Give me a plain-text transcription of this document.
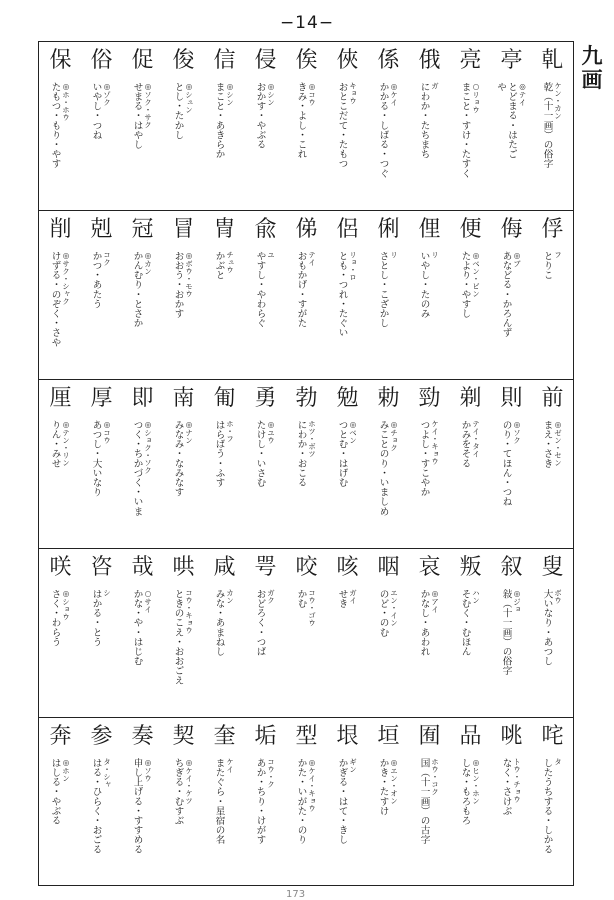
−14−
九
画
乹
乾（十一画）の俗字ケン・カン
亭
やとどまる・はたご◎テイ
亮
まこと・すけ・たすく○リョウ
俄
にわか・たちまちガ
係
かかる・しばる・つぐ◎ケイ
俠
おとこだて・たもつキョウ
俟
きみ・よし・これ◎コウ
侵
おかす・やぶる◎シン
信
まこと・あきらか◎シン
俊
とし・たかし◎シュン
促
せまる・はやし◎ソク・サク
俗
いやし・つね◎ゾク
保
たもつ・もり・やす◎ホ・ホウ
俘
とりこフ
侮
あなどる・かろんず◎ブ
便
たより・やすし◎ベン・ビン
俚
いやし・たのみリ
俐
さとし・こざかしリ
侶
とも・つれ・たぐいリョ・ロ
俤
おもかげ・すがたテイ
兪
やすし・やわらぐユ
冑
かぶとチュウ
冒
おおう・おかす◎ボウ・モウ
冠
かんむり・とさか◎カン
剋
かつ・あたうコク
削
けずる・のぞく・さや◎サク・シャク
前
まえ・さき◎ゼン・セン
則
のり・てほん・つね◎ソク
剃
かみをそるテイ・タイ
勁
つよし・すこやかケイ・キョウ
勅
みことのり・いましめ◎チョク
勉
つとむ・はげむ◎ベン
勃
にわか・おこるホツ・ボツ
勇
たけし・いさむ◎ユウ
匍
はらばう・ふすホ・フ
南
みなみ・なみなす◎ナン
即
つく・ちかづく・いま◎ショク・ソク
厚
あつし・大いなり◎コウ
厘
りん・みせ◎テン・リン
叟
大いなり・あつしボウ
叙
敍（十一画）の俗字◎ジョ
叛
そむく・むほんハン
哀
かなし・あわれ◎アイ
咽
のど・のむエン・イン
咳
せきガイ
咬
かむコウ・ゴウ
咢
おどろく・つばガク
咸
みな・あまねしカン
哄
ときのこえ・おおごえコウ・キョウ
哉
かな・や・はじむ○サイ
咨
はかる・とうシ
咲
さく・わらう◎ショウ
咤
したうちする・しかるタ
咷
なく・さけぶトウ・チョウ
品
しな・もろもろ◎ヒン・ホン
囿
国（十一画）の古字ホウ・コク
垣
かき・たすけ◎エン・オン
垠
かぎる・はて・きしギン
型
かた・いがた・のり◎ケイ・キョウ
垢
あか・ちり・けがすコウ・ク
奎
またぐら・星宿の名ケイ
契
ちぎる・むすぶ◎ケイ・ケツ
奏
申し上げる・すすめる◎ソウ
参
はる・ひらく・おごるタ・シャ
奔
はしる・やぶる◎ホン
173
